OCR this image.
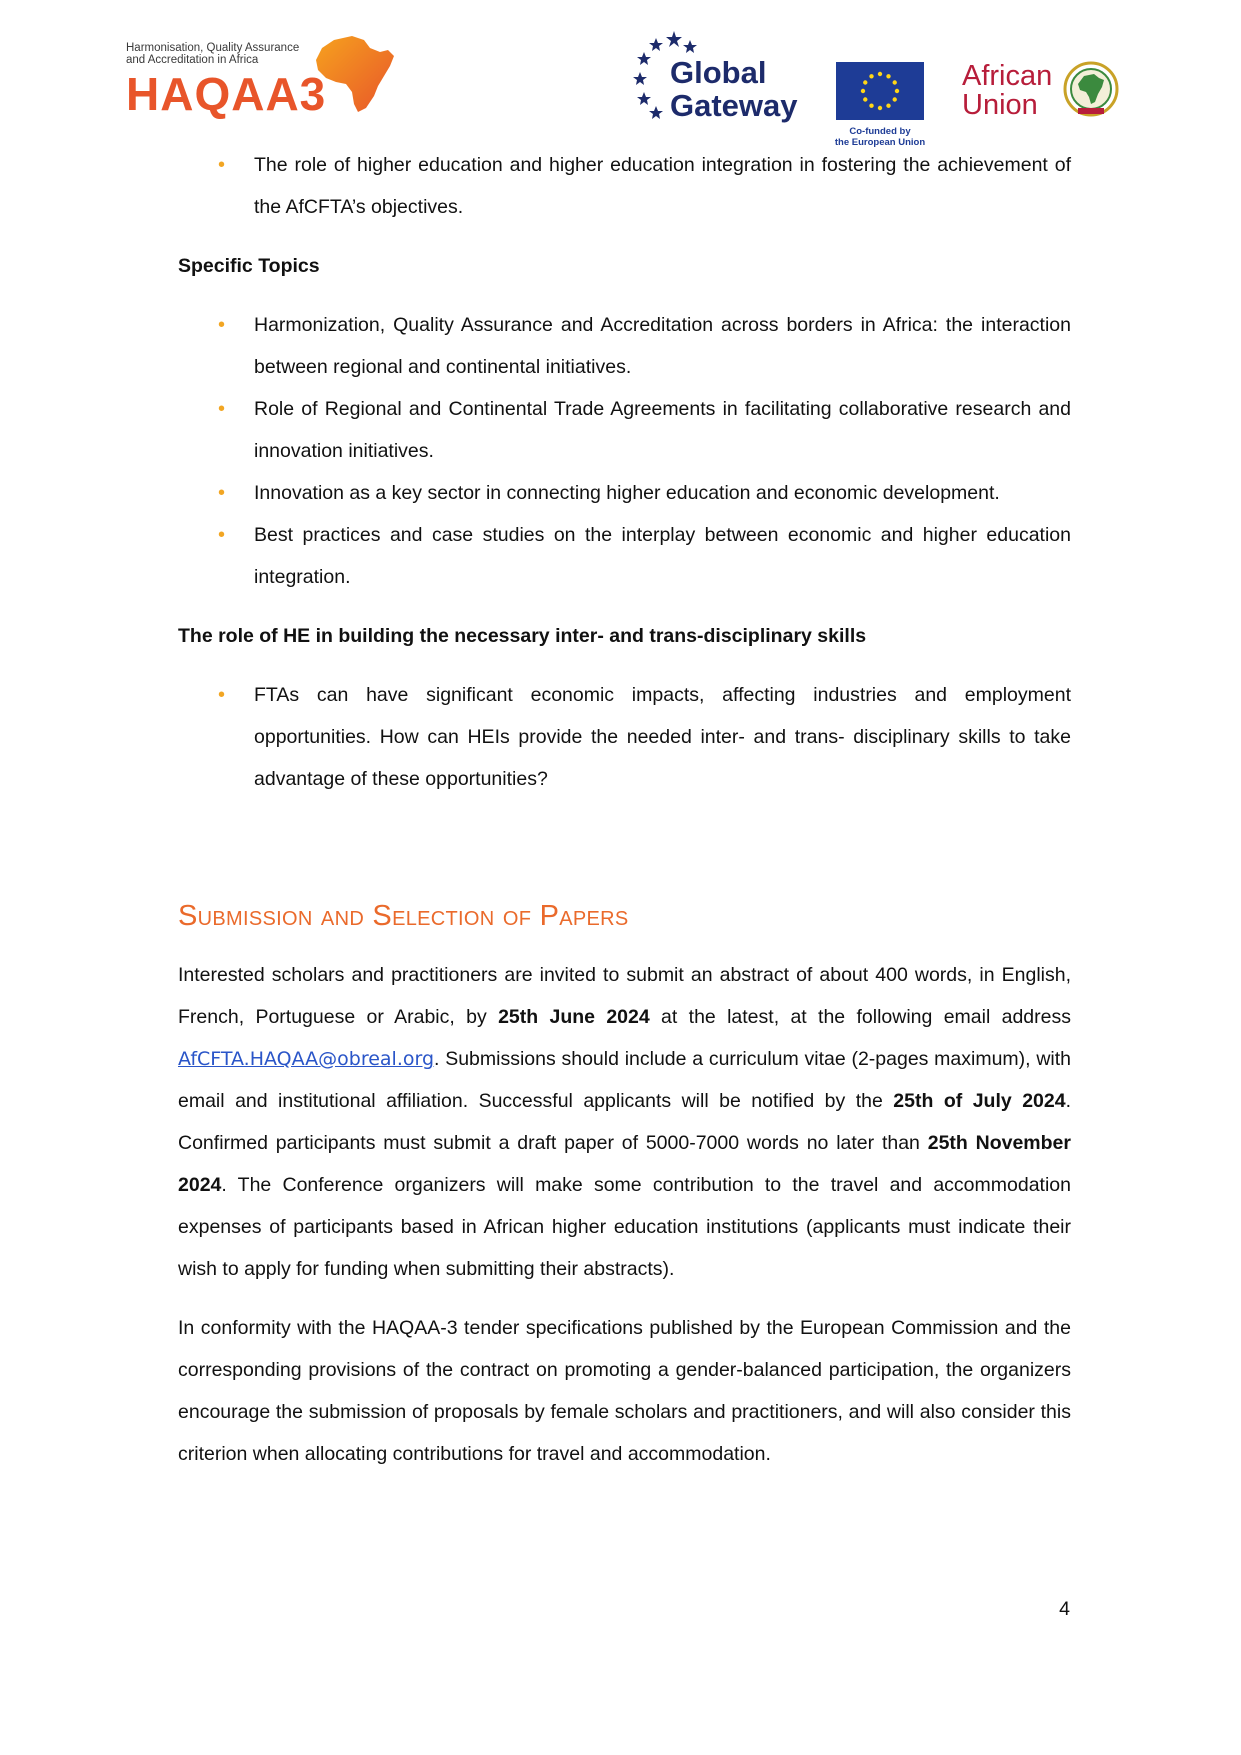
Harmonisation, Quality Assurance
and Accreditation in Africa
HAQAA3	Global
Gateway
Co-funded by
the European Union
African
Union
• The role of higher education and higher education integration in fostering the achievement of the AfCFTA’s objectives.
Specific Topics
• Harmonization, Quality Assurance and Accreditation across borders in Africa: the interaction between regional and continental initiatives.
• Role of Regional and Continental Trade Agreements in facilitating collaborative research and innovation initiatives.
• Innovation as a key sector in connecting higher education and economic development.
• Best practices and case studies on the interplay between economic and higher education integration.
The role of HE in building the necessary inter- and trans-disciplinary skills
• FTAs can have significant economic impacts, affecting industries and employment opportunities. How can HEIs provide the needed inter- and trans- disciplinary skills to take advantage of these opportunities?
Submission and Selection of Papers
Interested scholars and practitioners are invited to submit an abstract of about 400 words, in English, French, Portuguese or Arabic, by 25th June 2024 at the latest, at the following email address AfCFTA.HAQAA@obreal.org. Submissions should include a curriculum vitae (2-pages maximum), with email and institutional affiliation. Successful applicants will be notified by the 25th of July 2024. Confirmed participants must submit a draft paper of 5000-7000 words no later than 25th November 2024. The Conference organizers will make some contribution to the travel and accommodation expenses of participants based in African higher education institutions (applicants must indicate their wish to apply for funding when submitting their abstracts).
In conformity with the HAQAA-3 tender specifications published by the European Commission and the corresponding provisions of the contract on promoting a gender-balanced participation, the organizers encourage the submission of proposals by female scholars and practitioners, and will also consider this criterion when allocating contributions for travel and accommodation.
4
